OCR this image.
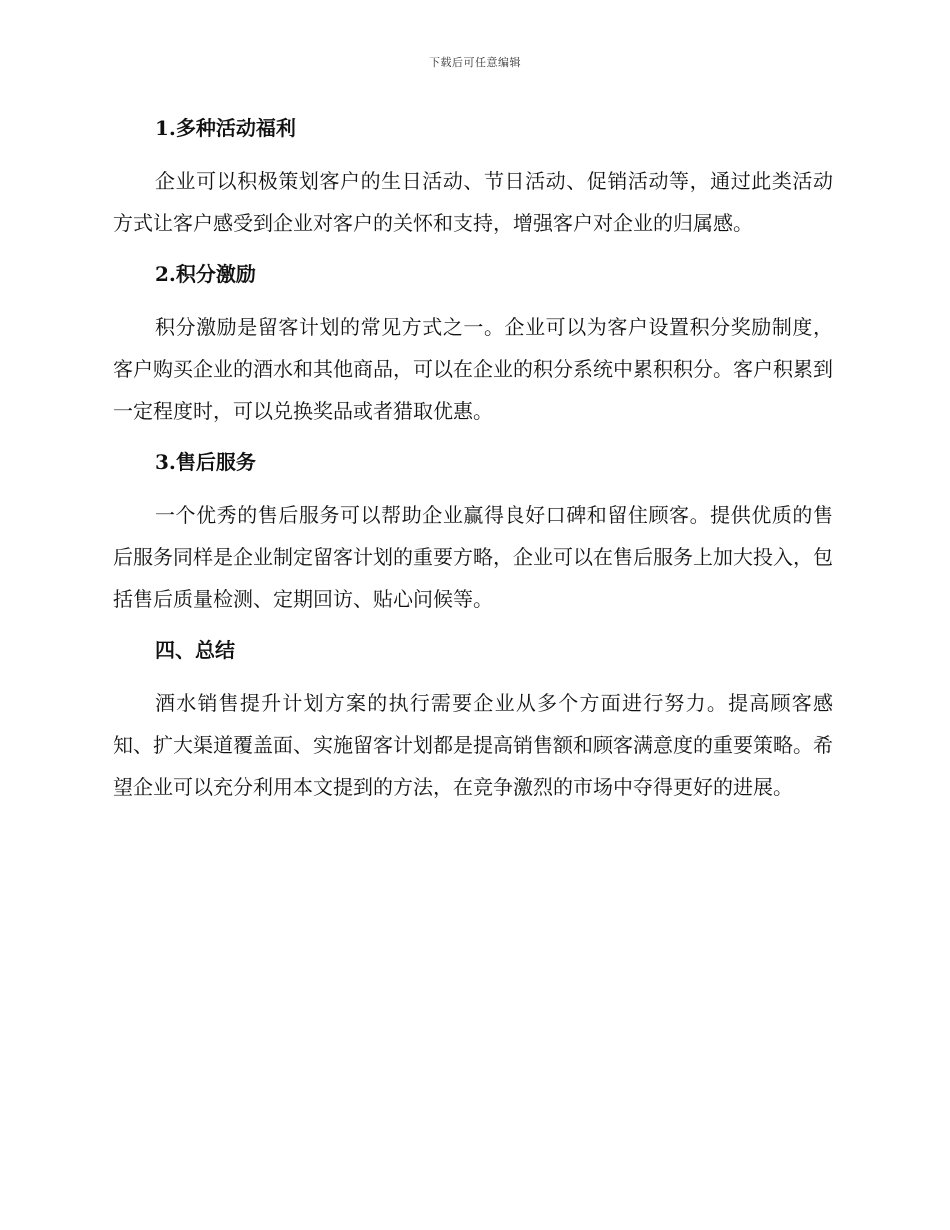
下载后可任意编辑
1.多种活动福利

企业可以积极策划客户的生日活动、节日活动、促销活动等，通过此类活动方式让客户感受到企业对客户的关怀和支持，增强客户对企业的归属感。

2.积分激励

积分激励是留客计划的常见方式之一。企业可以为客户设置积分奖励制度，客户购买企业的酒水和其他商品，可以在企业的积分系统中累积积分。客户积累到一定程度时，可以兑换奖品或者猎取优惠。

3.售后服务

一个优秀的售后服务可以帮助企业赢得良好口碑和留住顾客。提供优质的售后服务同样是企业制定留客计划的重要方略，企业可以在售后服务上加大投入，包括售后质量检测、定期回访、贴心问候等。

四、总结

酒水销售提升计划方案的执行需要企业从多个方面进行努力。提高顾客感知、扩大渠道覆盖面、实施留客计划都是提高销售额和顾客满意度的重要策略。希望企业可以充分利用本文提到的方法，在竞争激烈的市场中夺得更好的进展。
